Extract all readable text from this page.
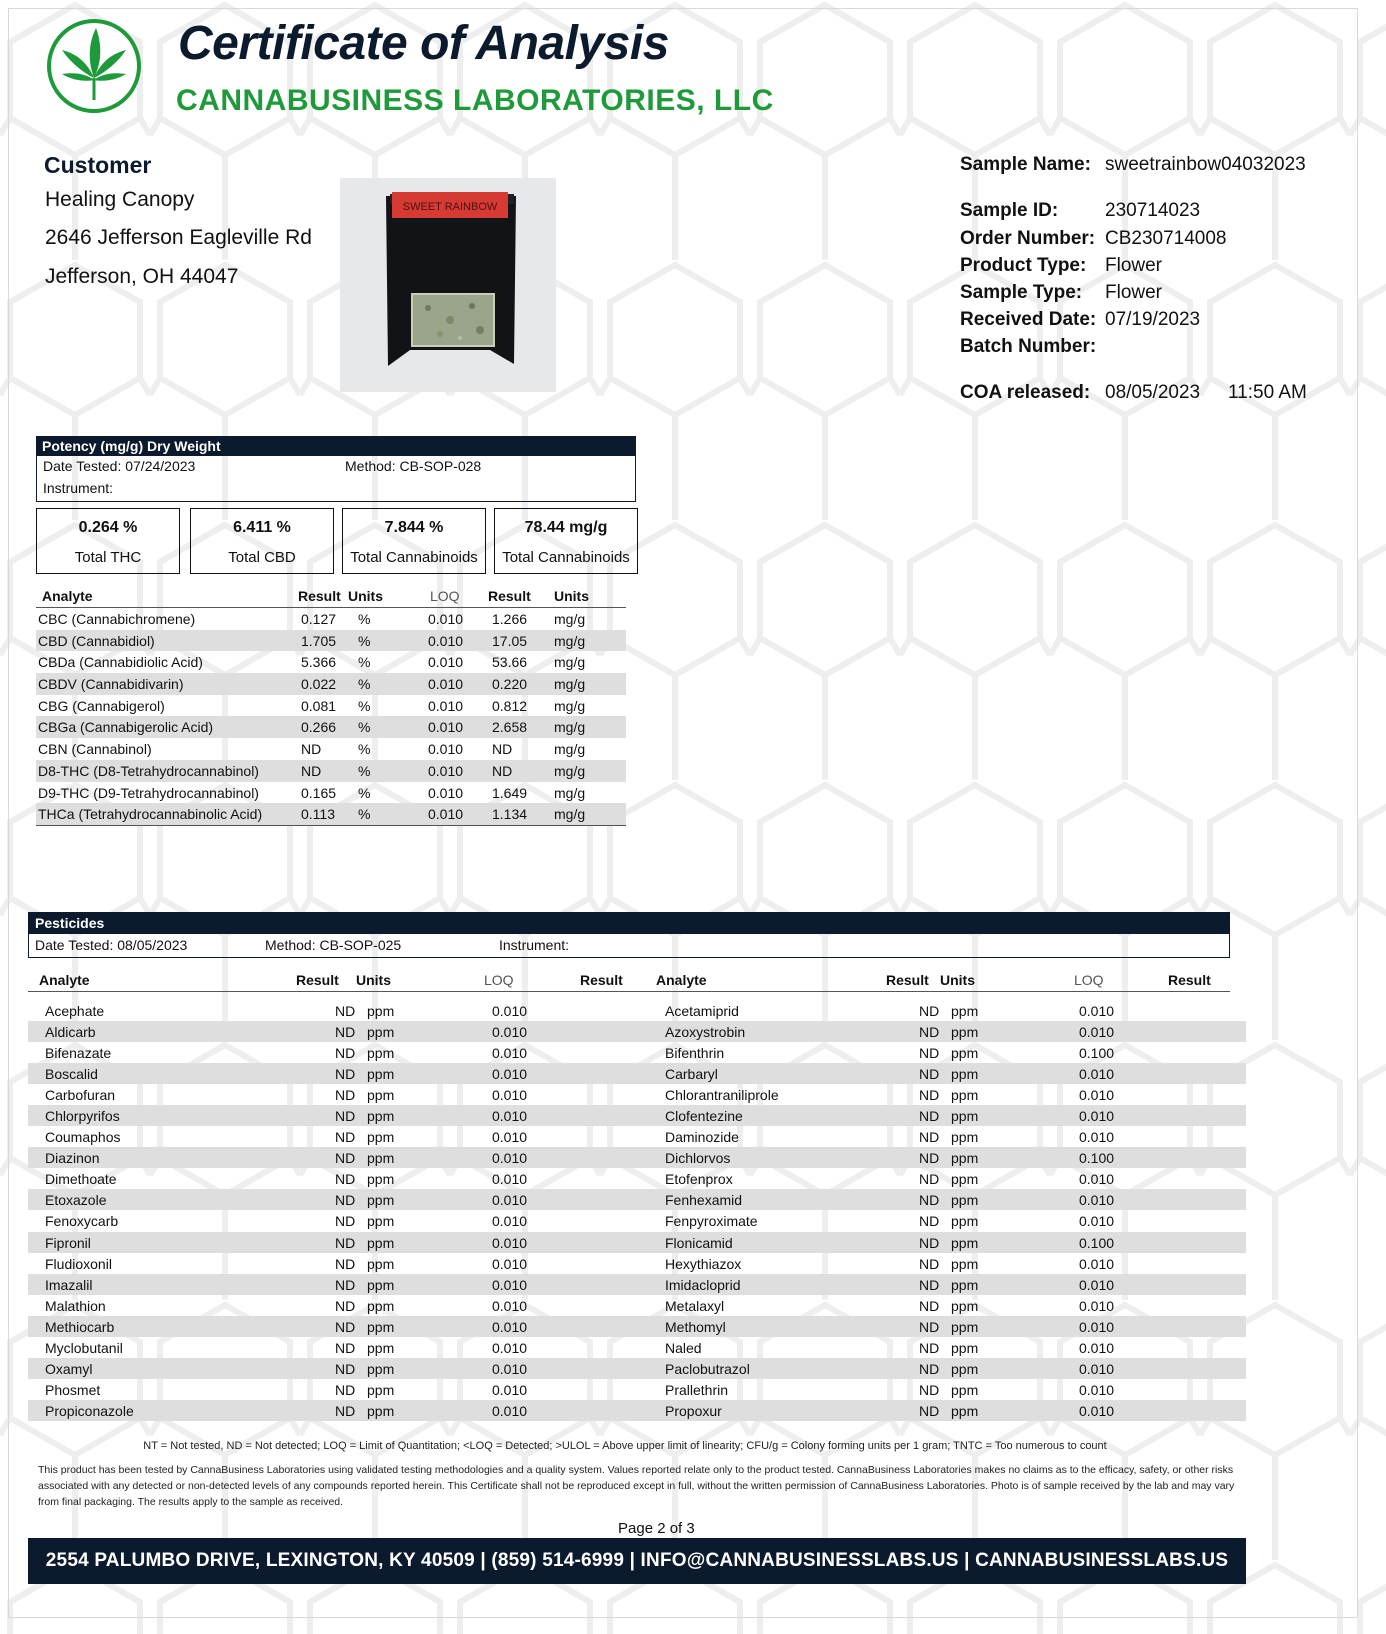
Certificate of Analysis
CANNABUSINESS LABORATORIES, LLC
Customer
Healing Canopy
2646 Jefferson Eagleville Rd
Jefferson, OH 44047
SWEET RAINBOW
Sample Name: sweetrainbow04032023
Sample ID: 230714023
Order Number: CB230714008
Product Type: Flower
Sample Type: Flower
Received Date: 07/19/2023
Batch Number:
COA released: 08/05/2023 11:50 AM
Potency (mg/g) Dry Weight
Date Tested: 07/24/2023	Method: CB-SOP-028
Instrument:
0.264 %
Total THC
6.411 %
Total CBD
7.844 %
Total Cannabinoids
78.44 mg/g
Total Cannabinoids
Analyte	Result Units	LOQ Result Units
CBC (Cannabichromene)	0.127 %	0.010 1.266 mg/g
CBD (Cannabidiol)	1.705 %	0.010 17.05 mg/g
CBDa (Cannabidiolic Acid)	5.366 %	0.010 53.66 mg/g
CBDV (Cannabidivarin)	0.022 %	0.010 0.220 mg/g
CBG (Cannabigerol)	0.081 %	0.010 0.812 mg/g
CBGa (Cannabigerolic Acid)	0.266 %	0.010 2.658 mg/g
CBN (Cannabinol)	ND	%	0.010 ND	mg/g
D8-THC (D8-Tetrahydrocannabinol)	ND	%	0.010 ND	mg/g
D9-THC (D9-Tetrahydrocannabinol)	0.165 %	0.010 1.649 mg/g
THCa (Tetrahydrocannabinolic Acid)	0.113 %	0.010 1.134 mg/g
Pesticides
Date Tested: 08/05/2023	Method: CB-SOP-025	Instrument:
Analyte	Result Units	LOQ	Result Analyte	Result Units	LOQ	Result
Acephate	ND ppm	0.010	Acetamiprid	ND ppm	0.010
Aldicarb	ND ppm	0.010	Azoxystrobin	ND ppm	0.010
Bifenazate	ND ppm	0.010	Bifenthrin	ND ppm	0.100
Boscalid	ND ppm	0.010	Carbaryl	ND ppm	0.010
Carbofuran	ND ppm	0.010	Chlorantraniliprole	ND ppm	0.010
Chlorpyrifos	ND ppm	0.010	Clofentezine	ND ppm	0.010
Coumaphos	ND ppm	0.010	Daminozide	ND ppm	0.010
Diazinon	ND ppm	0.010	Dichlorvos	ND ppm	0.100
Dimethoate	ND ppm	0.010	Etofenprox	ND ppm	0.010
Etoxazole	ND ppm	0.010	Fenhexamid	ND ppm	0.010
Fenoxycarb	ND ppm	0.010	Fenpyroximate	ND ppm	0.010
Fipronil	ND ppm	0.010	Flonicamid	ND ppm	0.100
Fludioxonil	ND ppm	0.010	Hexythiazox	ND ppm	0.010
Imazalil	ND ppm	0.010	Imidacloprid	ND ppm	0.010
Malathion	ND ppm	0.010	Metalaxyl	ND ppm	0.010
Methiocarb	ND ppm	0.010	Methomyl	ND ppm	0.010
Myclobutanil	ND ppm	0.010	Naled	ND ppm	0.010
Oxamyl	ND ppm	0.010	Paclobutrazol	ND ppm	0.010
Phosmet	ND ppm	0.010	Prallethrin	ND ppm	0.010
Propiconazole	ND ppm	0.010	Propoxur	ND ppm	0.010
NT = Not tested, ND = Not detected; LOQ = Limit of Quantitation; <LOQ = Detected; >ULOL = Above upper limit of linearity; CFU/g = Colony forming units per 1 gram; TNTC = Too numerous to count
This product has been tested by CannaBusiness Laboratories using validated testing methodologies and a quality system. Values reported relate only to the product tested. CannaBusiness Laboratories makes no claims as to the efficacy, safety, or other risks associated with any detected or non-detected levels of any compounds reported herein. This Certificate shall not be reproduced except in full, without the written permission of CannaBusiness Laboratories. Photo is of sample received by the lab and may vary from final packaging. The results apply to the sample as received.
Page 2 of 3
2554 PALUMBO DRIVE, LEXINGTON, KY 40509 | (859) 514-6999 | INFO@CANNABUSINESSLABS.US | CANNABUSINESSLABS.US
